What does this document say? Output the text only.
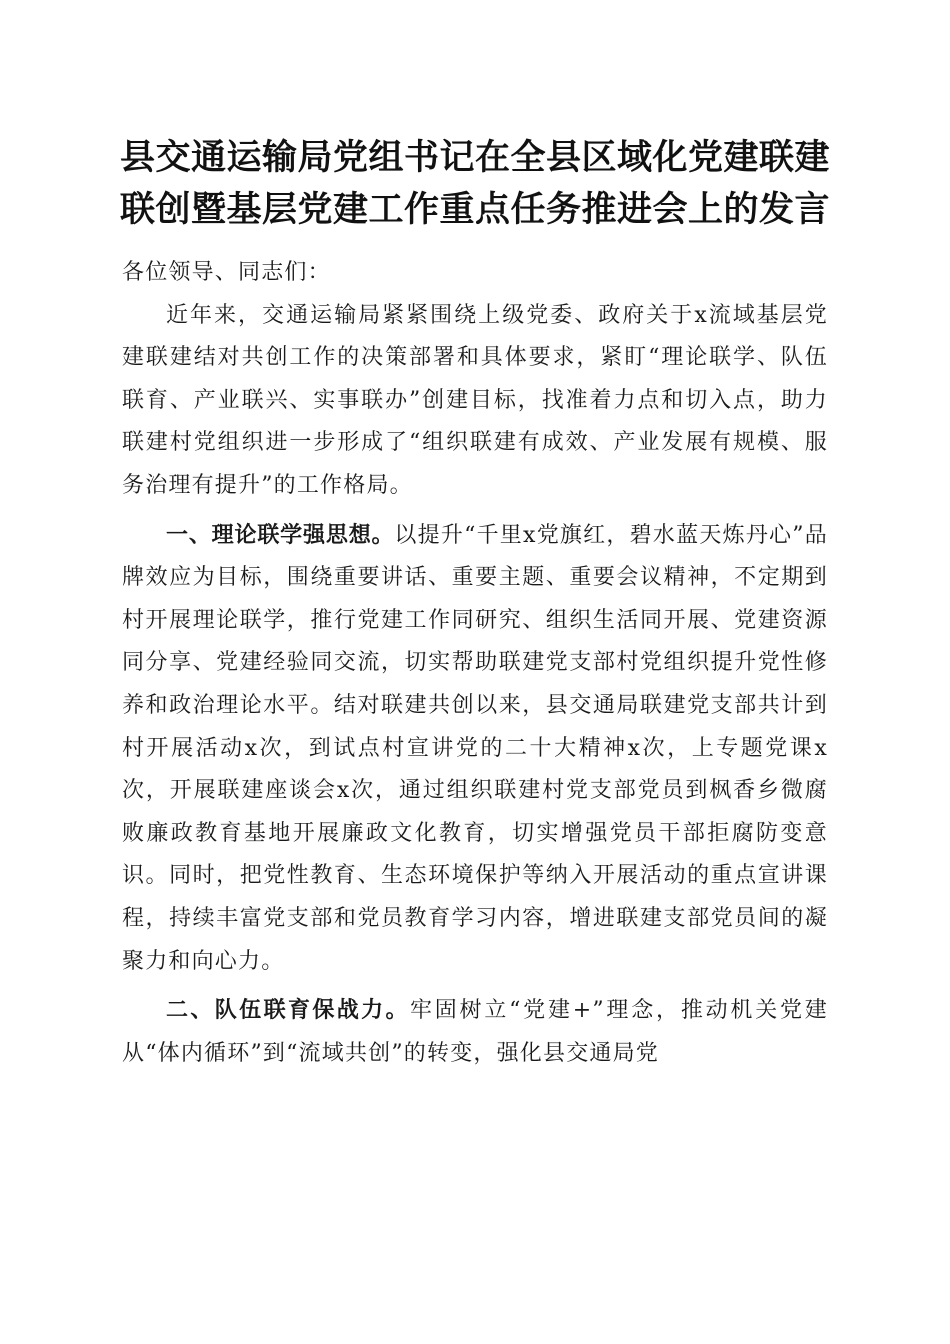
县交通运输局党组书记在全县区域化党建联建
联创暨基层党建工作重点任务推进会上的发言

各位领导、同志们：

近年来，交通运输局紧紧围绕上级党委、政府关于x流域基层党建联建结对共创工作的决策部署和具体要求，紧盯“理论联学、队伍联育、产业联兴、实事联办”创建目标，找准着力点和切入点，助力联建村党组织进一步形成了“组织联建有成效、产业发展有规模、服务治理有提升”的工作格局。

一、理论联学强思想。以提升“千里x党旗红，碧水蓝天炼丹心”品牌效应为目标，围绕重要讲话、重要主题、重要会议精神，不定期到村开展理论联学，推行党建工作同研究、组织生活同开展、党建资源同分享、党建经验同交流，切实帮助联建党支部村党组织提升党性修养和政治理论水平。结对联建共创以来，县交通局联建党支部共计到村开展活动x次，到试点村宣讲党的二十大精神x次，上专题党课x次，开展联建座谈会x次，通过组织联建村党支部党员到枫香乡微腐败廉政教育基地开展廉政文化教育，切实增强党员干部拒腐防变意识。同时，把党性教育、生态环境保护等纳入开展活动的重点宣讲课程，持续丰富党支部和党员教育学习内容，增进联建支部党员间的凝聚力和向心力。

二、队伍联育保战力。牢固树立“党建+”理念，推动机关党建从“体内循环”到“流域共创”的转变，强化县交通局党
